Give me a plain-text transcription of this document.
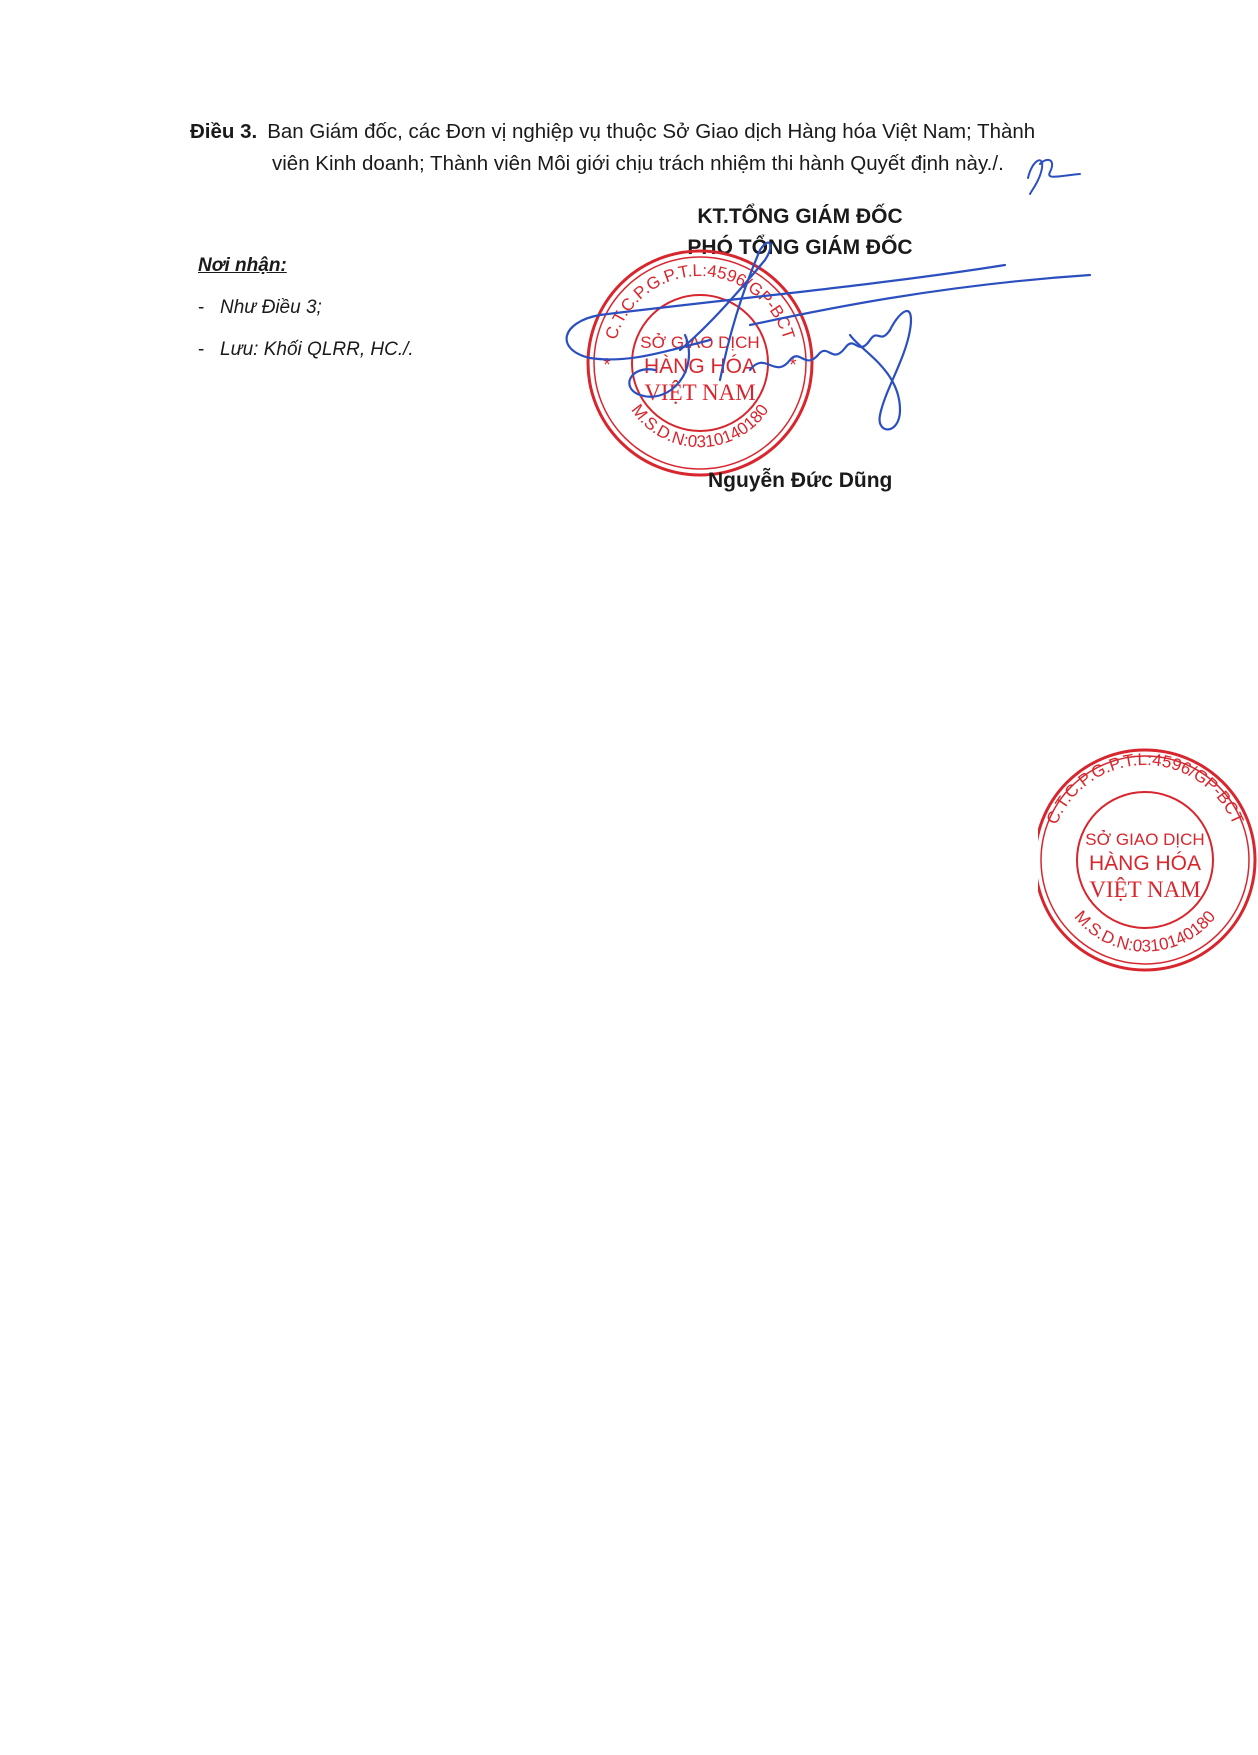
Điều 3. Ban Giám đốc, các Đơn vị nghiệp vụ thuộc Sở Giao dịch Hàng hóa Việt Nam; Thành
viên Kinh doanh; Thành viên Môi giới chịu trách nhiệm thi hành Quyết định này./.
KT.TỔNG GIÁM ĐỐC
PHÓ TỔNG GIÁM ĐỐC
Nơi nhận:
- Như Điều 3;
- Lưu: Khối QLRR, HC./.
C.T.C.P.G.P.T.L:4596/GP-BCT
M.S.D.N:0310140180
SỞ GIAO DỊCH
HÀNG HÓA
VIỆT NAM
*	*
C.T.C.P.G.P.T.L:4596/GP-BCT
M.S.D.N:0310140180
SỞ GIAO DỊCH
HÀNG HÓA
VIỆT NAM
Nguyễn Đức Dũng
